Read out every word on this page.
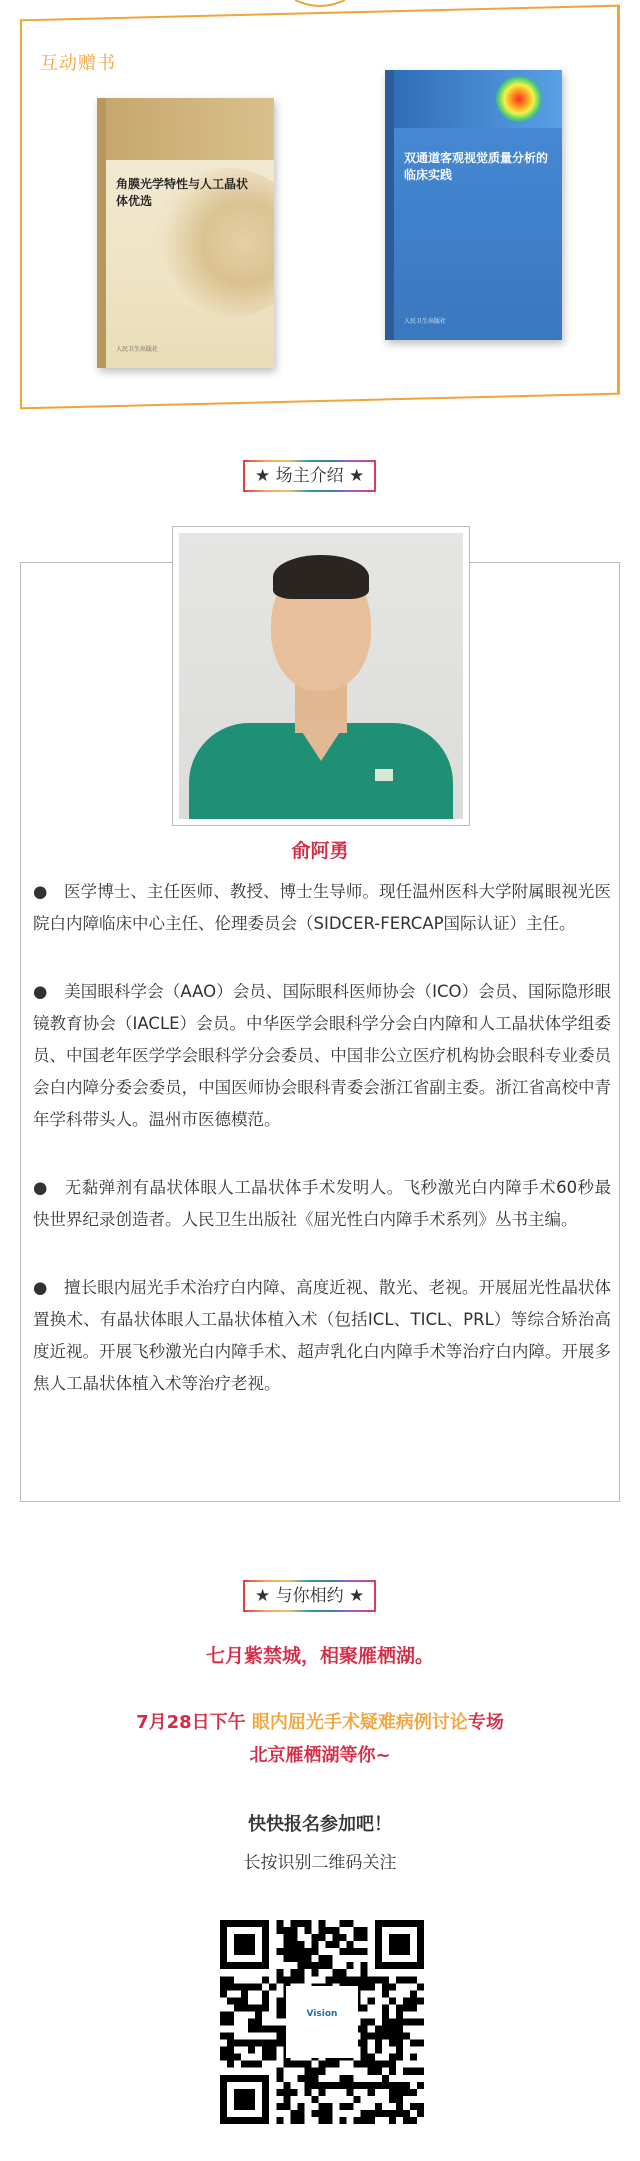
互动赠书
角膜光学特性与人工晶状体优选
人民卫生出版社
双通道客观视觉质量分析的临床实践
人民卫生出版社
★ 场主介绍 ★
俞阿勇
●　医学博士、主任医师、教授、博士生导师。现任温州医科大学附属眼视光医院白内障临床中心主任、伦理委员会（SIDCER-FERCAP国际认证）主任。
●　美国眼科学会（AAO）会员、国际眼科医师协会（ICO）会员、国际隐形眼镜教育协会（IACLE）会员。中华医学会眼科学分会白内障和人工晶状体学组委员、中国老年医学学会眼科学分会委员、中国非公立医疗机构协会眼科专业委员会白内障分委会委员，中国医师协会眼科青委会浙江省副主委。浙江省高校中青年学科带头人。温州市医德模范。
●　无黏弹剂有晶状体眼人工晶状体手术发明人。飞秒激光白内障手术60秒最快世界纪录创造者。人民卫生出版社《屈光性白内障手术系列》丛书主编。
●　擅长眼内屈光手术治疗白内障、高度近视、散光、老视。开展屈光性晶状体置换术、有晶状体眼人工晶状体植入术（包括ICL、TICL、PRL）等综合矫治高度近视。开展飞秒激光白内障手术、超声乳化白内障手术等治疗白内障。开展多焦人工晶状体植入术等治疗老视。
★ 与你相约 ★
七月紫禁城，相聚雁栖湖。
7月28日下午 眼内屈光手术疑难病例讨论专场
北京雁栖湖等你~
快快报名参加吧！
长按识别二维码关注
Vision
